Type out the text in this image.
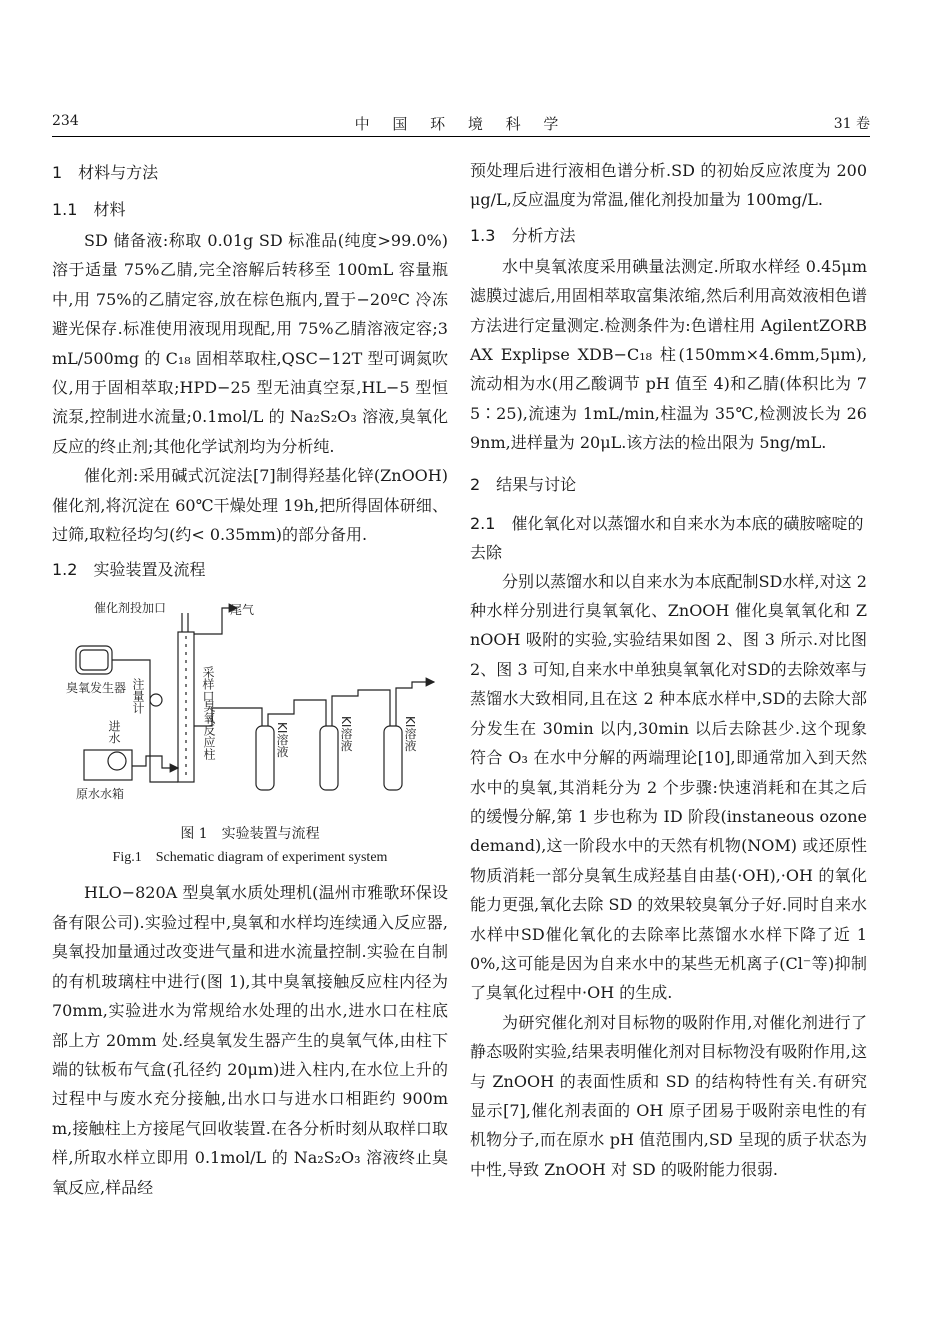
234	中 国 环 境 科 学	31 卷
1　材料与方法
1.1　材料

SD 储备液:称取 0.01g SD 标准品(纯度>99.0%)溶于适量 75%乙腈,完全溶解后转移至 100mL 容量瓶中,用 75%的乙腈定容,放在棕色瓶内,置于−20ºC 冷冻避光保存.标准使用液现用现配,用 75%乙腈溶液定容;3mL/500mg 的 C₁₈ 固相萃取柱,QSC−12T 型可调氮吹仪,用于固相萃取;HPD−25 型无油真空泵,HL−5 型恒流泵,控制进水流量;0.1mol/L 的 Na₂S₂O₃ 溶液,臭氧化反应的终止剂;其他化学试剂均为分析纯.

催化剂:采用碱式沉淀法[7]制得羟基化锌(ZnOOH)催化剂,将沉淀在 60℃干燥处理 19h,把所得固体研细、过筛,取粒径均匀(约< 0.35mm)的部分备用.

1.2　实验装置及流程
催化剂投加口	尾气
采样口
臭氧发生器 注量计
臭氧反应柱
进水
原水水箱
KI溶液	KI溶液	KI溶液
图 1　实验装置与流程
Fig.1　Schematic diagram of experiment system

HLO−820A 型臭氧水质处理机(温州市雅歌环保设备有限公司).实验过程中,臭氧和水样均连续通入反应器,臭氧投加量通过改变进气量和进水流量控制.实验在自制的有机玻璃柱中进行(图 1),其中臭氧接触反应柱内径为 70mm,实验进水为常规给水处理的出水,进水口在柱底部上方 20mm 处.经臭氧发生器产生的臭氧气体,由柱下端的钛板布气盒(孔径约 20μm)进入柱内,在水位上升的过程中与废水充分接触,出水口与进水口相距约 900mm,接触柱上方接尾气回收装置.在各分析时刻从取样口取样,所取水样立即用 0.1mol/L 的 Na₂S₂O₃ 溶液终止臭氧反应,样品经

预处理后进行液相色谱分析.SD 的初始反应浓度为 200μg/L,反应温度为常温,催化剂投加量为 100mg/L.

1.3　分析方法

水中臭氧浓度采用碘量法测定.所取水样经 0.45μm 滤膜过滤后,用固相萃取富集浓缩,然后利用高效液相色谱方法进行定量测定.检测条件为:色谱柱用 AgilentZORBAX Explipse XDB−C₁₈ 柱(150mm×4.6mm,5μm),流动相为水(用乙酸调节 pH 值至 4)和乙腈(体积比为 75∶25),流速为 1mL/min,柱温为 35℃,检测波长为 269nm,进样量为 20μL.该方法的检出限为 5ng/mL.

2　结果与讨论
2.1　催化氧化对以蒸馏水和自来水为本底的磺胺嘧啶的去除

分别以蒸馏水和以自来水为本底配制SD水样,对这 2 种水样分别进行臭氧氧化、ZnOOH 催化臭氧氧化和 ZnOOH 吸附的实验,实验结果如图 2、图 3 所示.对比图 2、图 3 可知,自来水中单独臭氧氧化对SD的去除效率与蒸馏水大致相同,且在这 2 种本底水样中,SD的去除大部分发生在 30min 以内,30min 以后去除甚少.这个现象符合 O₃ 在水中分解的两端理论[10],即通常加入到天然水中的臭氧,其消耗分为 2 个步骤:快速消耗和在其之后的缓慢分解,第 1 步也称为 ID 阶段(instaneous ozone demand),这一阶段水中的天然有机物(NOM) 或还原性物质消耗一部分臭氧生成羟基自由基(·OH),·OH 的氧化能力更强,氧化去除 SD 的效果较臭氧分子好.同时自来水水样中SD催化氧化的去除率比蒸馏水水样下降了近 10%,这可能是因为自来水中的某些无机离子(Cl⁻等)抑制了臭氧化过程中·OH 的生成.

为研究催化剂对目标物的吸附作用,对催化剂进行了静态吸附实验,结果表明催化剂对目标物没有吸附作用,这与 ZnOOH 的表面性质和 SD 的结构特性有关.有研究显示[7],催化剂表面的 OH 原子团易于吸附亲电性的有机物分子,而在原水 pH 值范围内,SD 呈现的质子状态为中性,导致 ZnOOH 对 SD 的吸附能力很弱.
